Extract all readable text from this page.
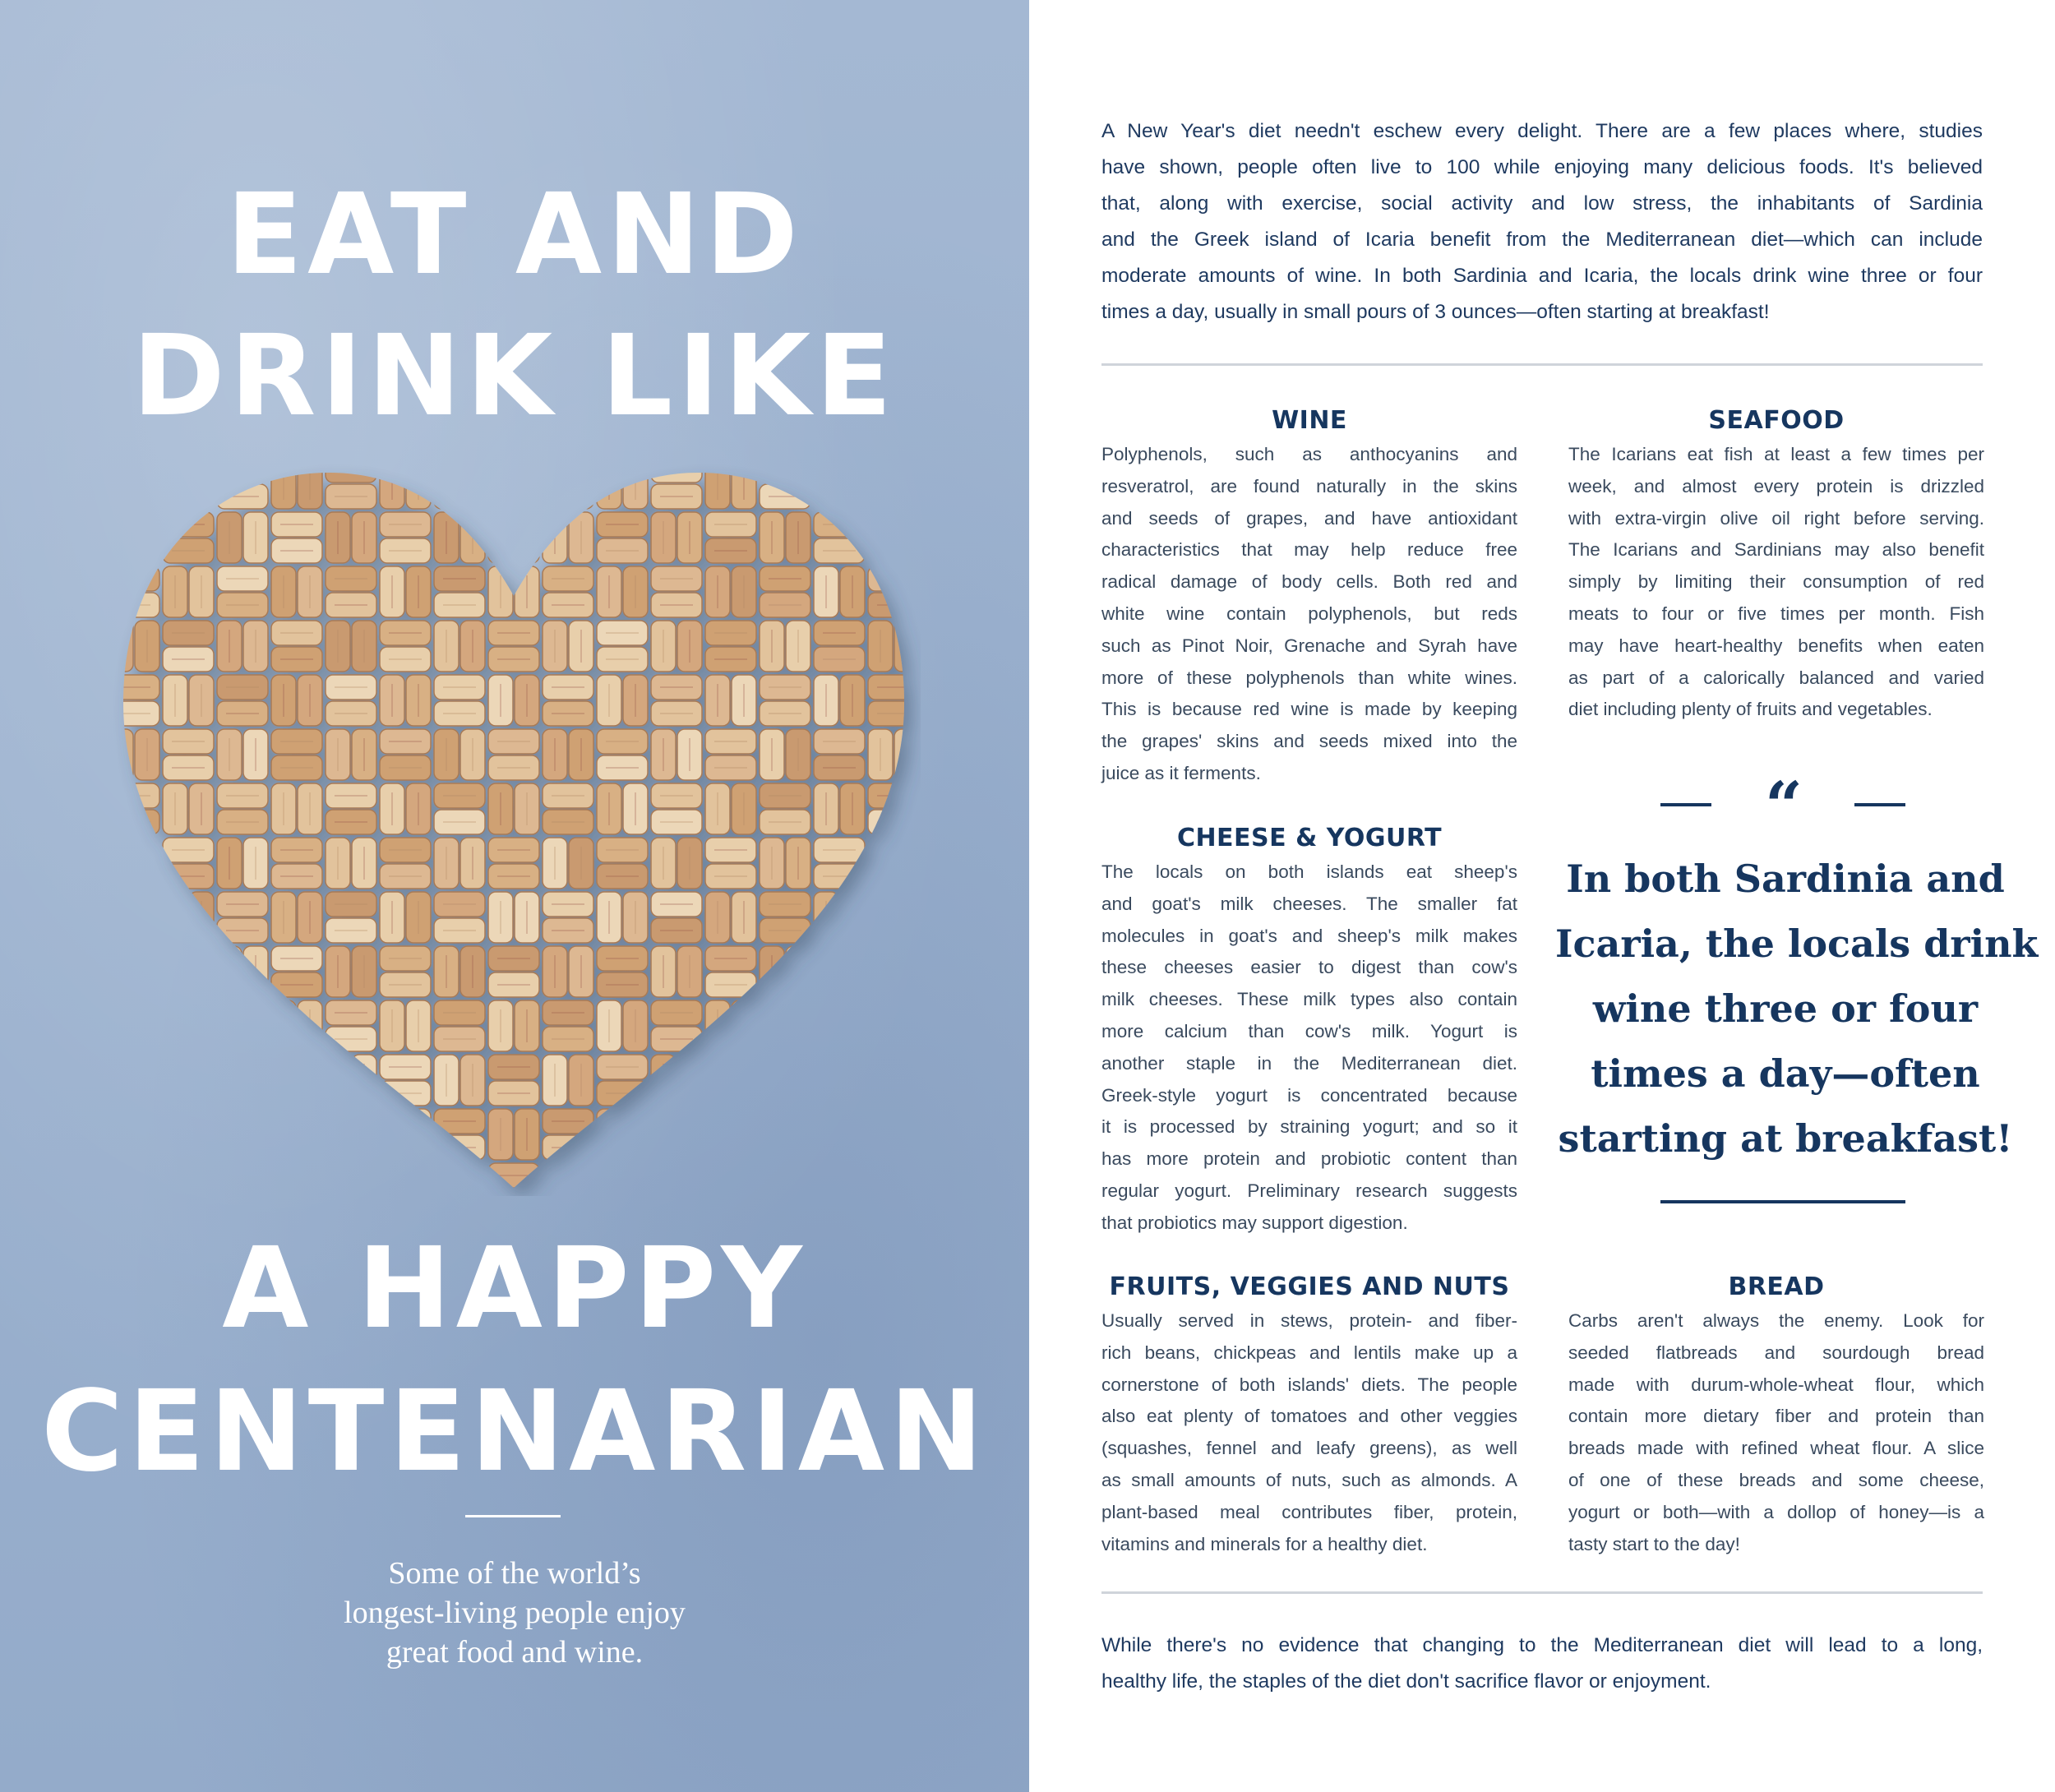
EAT AND
DRINK LIKE
A HAPPY
CENTENARIAN
Some of the world’s
longest-living people enjoy
great food and wine.
A New Year's diet needn't eschew every delight. There are a few places where, studies
have shown, people often live to 100 while enjoying many delicious foods. It's believed
that, along with exercise, social activity and low stress, the inhabitants of Sardinia
and the Greek island of Icaria benefit from the Mediterranean diet—which can include
moderate amounts of wine. In both Sardinia and Icaria, the locals drink wine three or four
times a day, usually in small pours of 3 ounces—often starting at breakfast!
WINE
Polyphenols, such as anthocyanins and
resveratrol, are found naturally in the skins
and seeds of grapes, and have antioxidant
characteristics that may help reduce free
radical damage of body cells. Both red and
white wine contain polyphenols, but reds
such as Pinot Noir, Grenache and Syrah have
more of these polyphenols than white wines.
This is because red wine is made by keeping
the grapes' skins and seeds mixed into the
juice as it ferments.
SEAFOOD
The Icarians eat fish at least a few times per
week, and almost every protein is drizzled
with extra-virgin olive oil right before serving.
The Icarians and Sardinians may also benefit
simply by limiting their consumption of red
meats to four or five times per month. Fish
may have heart-healthy benefits when eaten
as part of a calorically balanced and varied
diet including plenty of fruits and vegetables.
CHEESE & YOGURT
The locals on both islands eat sheep's
and goat's milk cheeses. The smaller fat
molecules in goat's and sheep's milk makes
these cheeses easier to digest than cow's
milk cheeses. These milk types also contain
more calcium than cow's milk. Yogurt is
another staple in the Mediterranean diet.
Greek-style yogurt is concentrated because
it is processed by straining yogurt; and so it
has more protein and probiotic content than
regular yogurt. Preliminary research suggests
that probiotics may support digestion.
“
In both Sardinia and
Icaria, the locals drink
wine three or four
times a day—often
starting at breakfast!
FRUITS, VEGGIES AND NUTS
Usually served in stews, protein- and fiber-
rich beans, chickpeas and lentils make up a
cornerstone of both islands' diets. The people
also eat plenty of tomatoes and other veggies
(squashes, fennel and leafy greens), as well
as small amounts of nuts, such as almonds. A
plant-based meal contributes fiber, protein,
vitamins and minerals for a healthy diet.
BREAD
Carbs aren't always the enemy. Look for
seeded flatbreads and sourdough bread
made with durum-whole-wheat flour, which
contain more dietary fiber and protein than
breads made with refined wheat flour. A slice
of one of these breads and some cheese,
yogurt or both—with a dollop of honey—is a
tasty start to the day!
While there's no evidence that changing to the Mediterranean diet will lead to a long,
healthy life, the staples of the diet don't sacrifice flavor or enjoyment.
